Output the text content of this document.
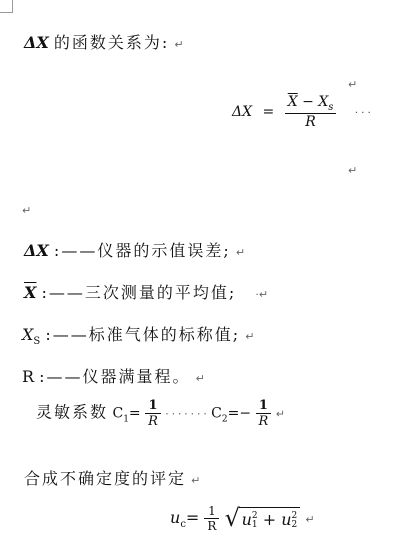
ΔX 的函数关系为: ↵
↵
$\Delta X = \frac{\overline{X} - X_s}{R}$ · · ·
↵
↵
ΔX :——仪器的示值误差; ↵
$\overline{X}$ :——三次测量的平均值; ·↵
$X_S$ :——标准气体的标称值; ↵
R :——仪器满量程。 ↵
灵敏系数 $C_1= \frac{1}{R}$ · · · · · · · $C_2=- \frac{1}{R}$ ↵
合成不确定度的评定 ↵
$u_c= \frac{1}{R}$
√ u 2
1 + u 2
2 ↵
